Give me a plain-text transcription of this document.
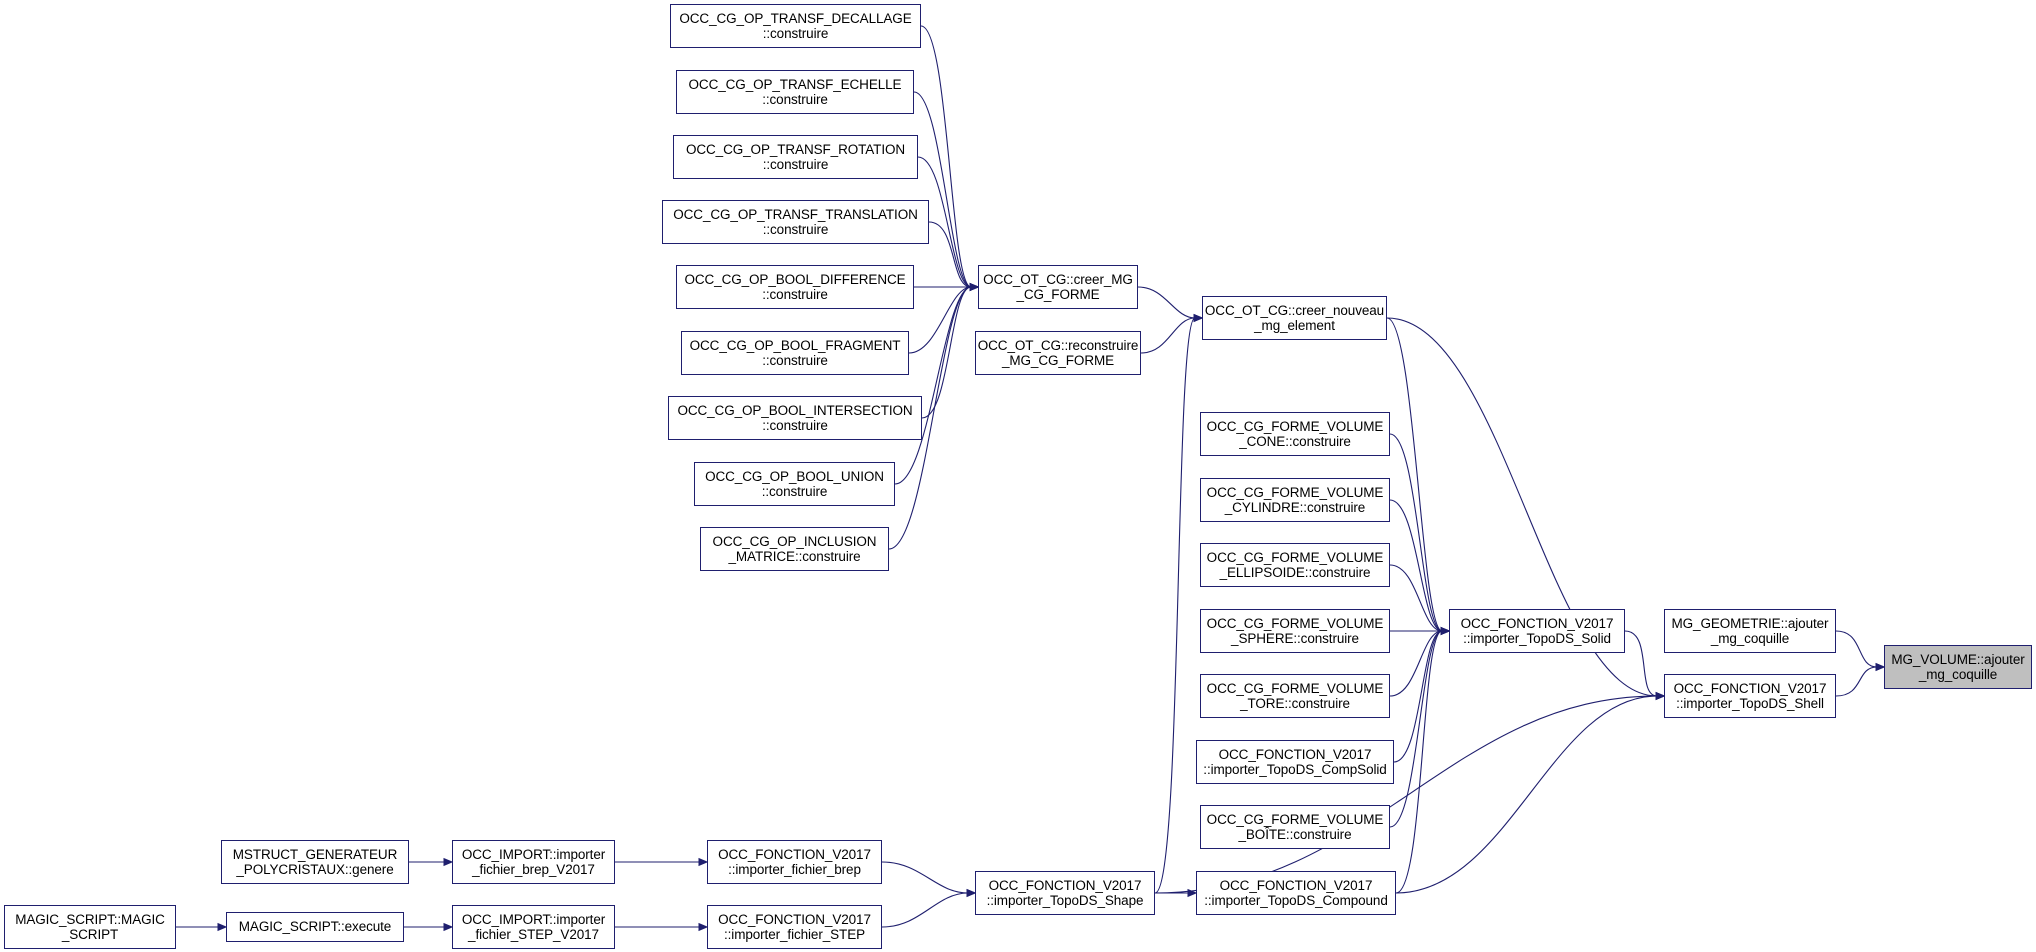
OCC_CG_OP_TRANSF_DECALLAGE
::construire
OCC_CG_OP_TRANSF_ECHELLE
::construire
OCC_CG_OP_TRANSF_ROTATION
::construire
OCC_CG_OP_TRANSF_TRANSLATION
::construire
OCC_CG_OP_BOOL_DIFFERENCE
::construire
OCC_CG_OP_BOOL_FRAGMENT
::construire
OCC_CG_OP_BOOL_INTERSECTION
::construire
OCC_CG_OP_BOOL_UNION
::construire
OCC_CG_OP_INCLUSION
_MATRICE::construire
OCC_OT_CG::creer_MG
_CG_FORME
OCC_OT_CG::reconstruire
_MG_CG_FORME
OCC_OT_CG::creer_nouveau
_mg_element
OCC_CG_FORME_VOLUME
_CONE::construire
OCC_CG_FORME_VOLUME
_CYLINDRE::construire
OCC_CG_FORME_VOLUME
_ELLIPSOIDE::construire
OCC_CG_FORME_VOLUME
_SPHERE::construire
OCC_CG_FORME_VOLUME
_TORE::construire
OCC_FONCTION_V2017
::importer_TopoDS_CompSolid
OCC_CG_FORME_VOLUME
_BOÎTE::construire
OCC_FONCTION_V2017
::importer_TopoDS_Compound
OCC_FONCTION_V2017
::importer_TopoDS_Solid
MG_GEOMETRIE::ajouter
_mg_coquille
OCC_FONCTION_V2017
::importer_TopoDS_Shell
MG_VOLUME::ajouter
_mg_coquille
MSTRUCT_GENERATEUR
_POLYCRISTAUX::genere
MAGIC_SCRIPT::MAGIC
_SCRIPT
MAGIC_SCRIPT::execute
OCC_IMPORT::importer
_fichier_brep_V2017
OCC_IMPORT::importer
_fichier_STEP_V2017
OCC_FONCTION_V2017
::importer_fichier_brep
OCC_FONCTION_V2017
::importer_fichier_STEP
OCC_FONCTION_V2017
::importer_TopoDS_Shape
